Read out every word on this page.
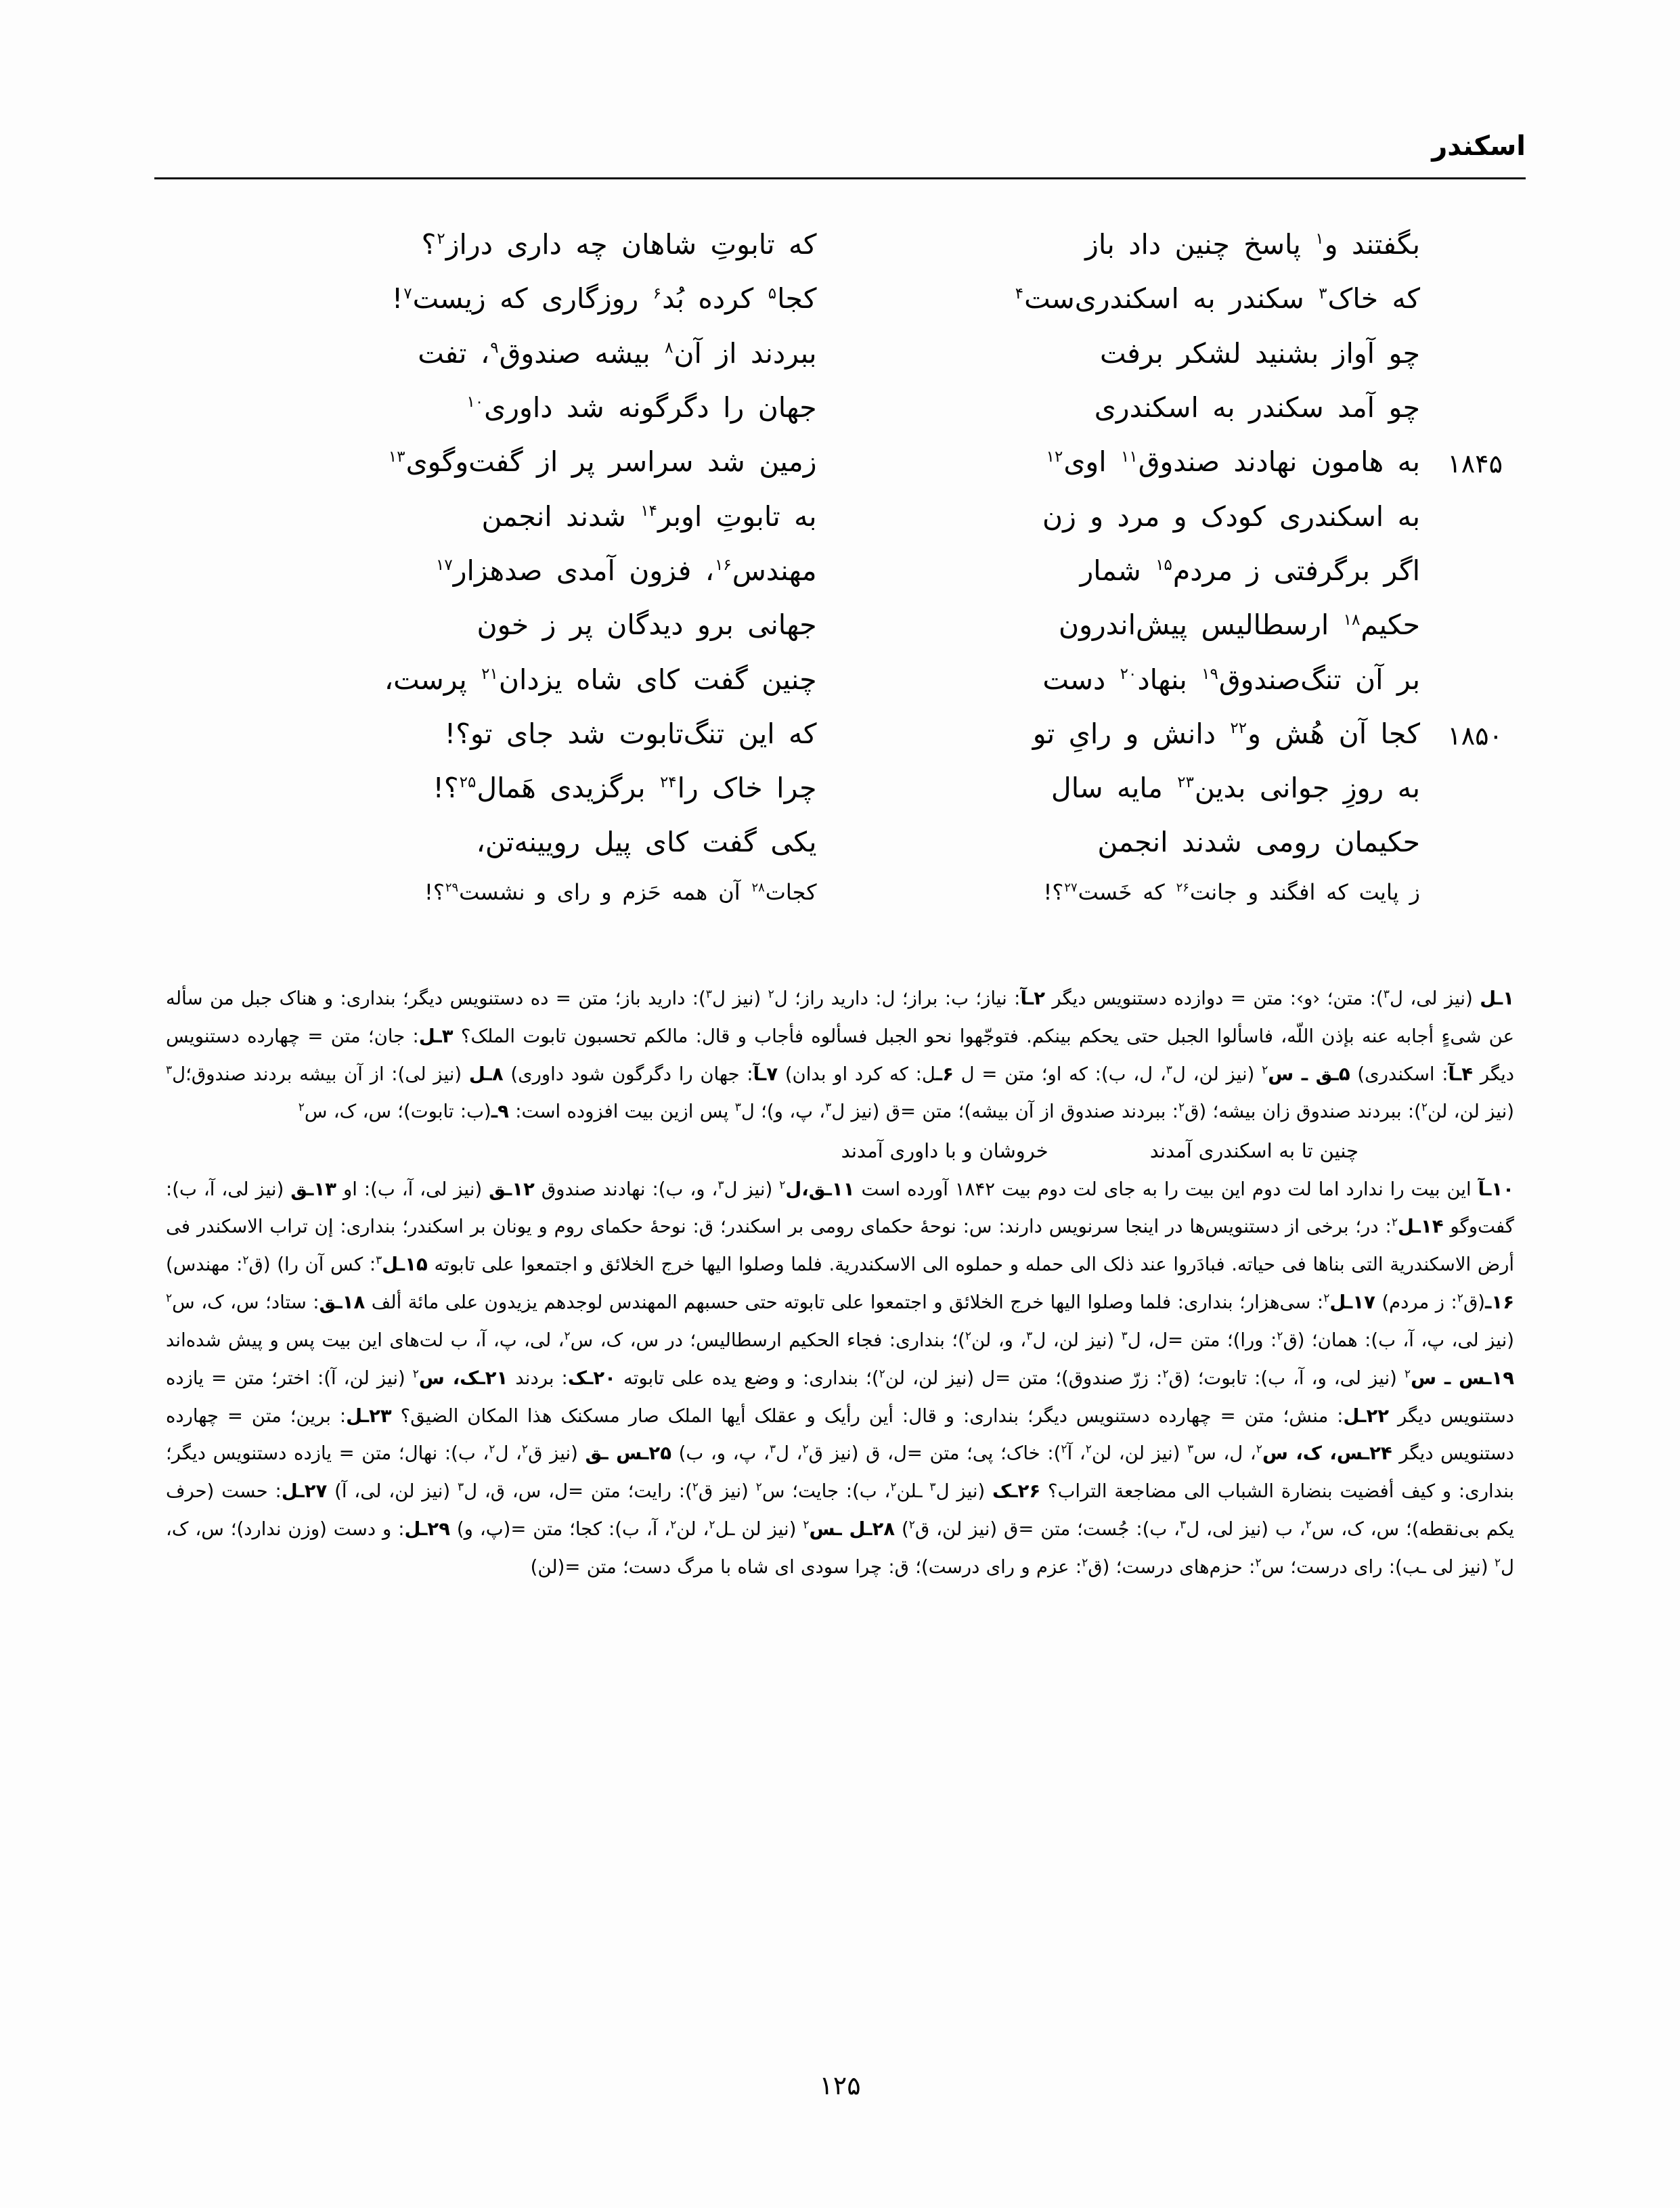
اسکندر
بگفتند و$^۱$ پاسخ چنین داد باز
که تابوتِ شاهان چه داری دراز$^۲$؟
که خاک$^۳$ سکندر به اسکندری‌ست$^۴$
کجا$^۵$ کرده بُد$^۶$ روزگاری که زیست$^۷$!
چو آواز بشنید لشکر برفت
ببردند از آن$^۸$ بیشه صندوق$^۹$، تفت
چو آمد سکندر به اسکندری
جهان را دگرگونه شد داوری$^{۱۰}$
۱۸۴۵
به هامون نهادند صندوق$^{۱۱}$ اوی$^{۱۲}$
زمین شد سراسر پر از گفت‌وگوی$^{۱۳}$
به اسکندری کودک و مرد و زن
به تابوتِ اوبر$^{۱۴}$ شدند انجمن
اگر برگرفتی ز مردم$^{۱۵}$ شمار
مهندس$^{۱۶}$، فزون آمدی صدهزار$^{۱۷}$
حکیم$^{۱۸}$ ارسطالیس پیش‌اندرون
جهانی برو دیدگان پر ز خون
بر آن تنگ‌صندوق$^{۱۹}$ بنهاد$^{۲۰}$ دست
چنین گفت کای شاه یزدان$^{۲۱}$ پرست،
۱۸۵۰
کجا آن هُش و$^{۲۲}$ دانش و رایِ تو
که این تنگ‌تابوت شد جای تو؟!
به روزِ جوانی بدین$^{۲۳}$ مایه سال
چرا خاک را$^{۲۴}$ برگزیدی هَمال$^{۲۵}$؟!
حکیمان رومی شدند انجمن
یکی گفت کای پیل رویینه‌تن،
ز پایت که افگند و جانت$^{۲۶}$ که خَست$^{۲۷}$؟!
کجات$^{۲۸}$ آن همه حَزم و رای و نشست$^{۲۹}$؟!

۱ـل (نیز لی، ل$^۳$): متن؛ ‹و›: متن = دوازده دستنویس دیگر ۲ـآ: نیاز؛ ب: براز؛ ل: دارید راز؛ ل$^۲$ (نیز ل$^۳$): دارید باز؛ متن = ده دستنویس دیگر؛ بنداری: و هناک جبل من سأله عن شیءٍ أجابه عنه بإذن اللّه، فاسألوا الجبل حتی یحکم بینکم. فتوجّهوا نحو الجبل فسألوه فأجاب و قال: مالکم تحسبون تابوت الملک؟ ۳ـل: جان؛ متن = چهارده دستنویس دیگر ۴ـآ: اسکندری) ۵ـق ـ س$^۲$ (نیز لن، ل$^۳$، ل، ب): که او؛ متن = ل ۶ـل: که کرد او بدان) ۷ـآ: جهان را دگرگون شود داوری) ۸ـل (نیز لی): از آن بیشه بردند صندوق؛ل$^۳$ (نیز لن، لن$^۲$): ببردند صندوق زان بیشه؛ (ق$^۲$: ببردند صندوق از آن بیشه)؛ متن =ق (نیز ل$^۳$، پ، و)؛ ل$^۳$ پس ازین بیت افزوده است: ۹ـ(ب: تابوت)؛ س، ک، س$^۲$

چنین تا به اسکندری آمدند
خروشان و با داوری آمدند

۱۰ـآ این بیت را ندارد اما لت دوم این بیت را به جای لت دوم بیت ۱۸۴۲ آورده است ۱۱ـق،ل$^۲$ (نیز ل$^۳$، و، ب): نهادند صندوق ۱۲ـق (نیز لی، آ، ب): او ۱۳ـق (نیز لی، آ، ب): گفت‌وگو ۱۴ـل$^۲$: در؛ برخی از دستنویس‌ها در اینجا سرنویس دارند: س: نوحهٔ حکمای رومی بر اسکندر؛ ق: نوحهٔ حکمای روم و یونان بر اسکندر؛ بنداری: إن تراب الاسکندر فی أرض الاسکندریة التی بناها فی حیاته. فبادَروا عند ذلک الی حمله و حملوه الی الاسکندریة. فلما وصلوا الیها خرج الخلائق و اجتمعوا علی تابوته ۱۵ـل$^۳$: کس آن را) (ق$^۲$: مهندس) ۱۶ـ(ق$^۲$: ز مردم) ۱۷ـل$^۲$: سی‌هزار؛ بنداری: فلما وصلوا الیها خرج الخلائق و اجتمعوا علی تابوته حتی حسبهم المهندس لوجدهم یزیدون علی مائة ألف ۱۸ـق: ستاد؛ س، ک، س$^۲$ (نیز لی، پ، آ، ب): همان؛ (ق$^۲$: ورا)؛ متن =ل، ل$^۳$ (نیز لن، ل$^۳$، و، لن$^۲$)؛ بنداری: فجاء الحکیم ارسطالیس؛ در س، ک، س$^۲$، لی، پ، آ، ب لت‌های این بیت پس و پیش شده‌اند ۱۹ـس ـ س$^۲$ (نیز لی، و، آ، ب): تابوت؛ (ق$^۲$: زرّ صندوق)؛ متن =ل (نیز لن، لن$^۲$)؛ بنداری: و وضع یده علی تابوته ۲۰ـک: بردند ۲۱ـک، س$^۲$ (نیز لن، آ): اختر؛ متن = یازده دستنویس دیگر ۲۲ـل: منش؛ متن = چهارده دستنویس دیگر؛ بنداری: و قال: أین رأیک و عقلک أیها الملک صار مسکنک هذا المکان الضیق؟ ۲۳ـل: برین؛ متن = چهارده دستنویس دیگر ۲۴ـس، ک، س$^۲$، ل، س$^۳$ (نیز لن، لن$^۲$، آ$^۲$): خاک؛ پی؛ متن =ل، ق (نیز ق$^۲$، ل$^۳$، پ، و، ب) ۲۵ـس ـق (نیز ق$^۲$، ل$^۲$، ب): نهال؛ متن = یازده دستنویس دیگر؛ بنداری: و کیف أفضیت بنضارة الشباب الی مضاجعة التراب؟ ۲۶ـک (نیز ل$^۳$ ـلن$^۲$، ب): جایت؛ س$^۲$ (نیز ق$^۲$): رایت؛ متن =ل، س، ق، ل$^۳$ (نیز لن، لی، آ) ۲۷ـل: حست (حرف یکم بی‌نقطه)؛ س، ک، س$^۲$، ب (نیز لی، ل$^۳$، ب): جُست؛ متن =ق (نیز لن، ق$^۲$) ۲۸ـل ـس$^۲$ (نیز لن ـل$^۲$، لن$^۲$، آ، ب): کجا؛ متن =(پ، و) ۲۹ـل: و دست (وزن ندارد)؛ س، ک، ل$^۲$ (نیز لی ـب): رای درست؛ س$^۲$: حزم‌های درست؛ (ق$^۲$: عزم و رای درست)؛ ق: چرا سودی ای شاه با مرگ دست؛ متن =(لن)

۱۲۵
